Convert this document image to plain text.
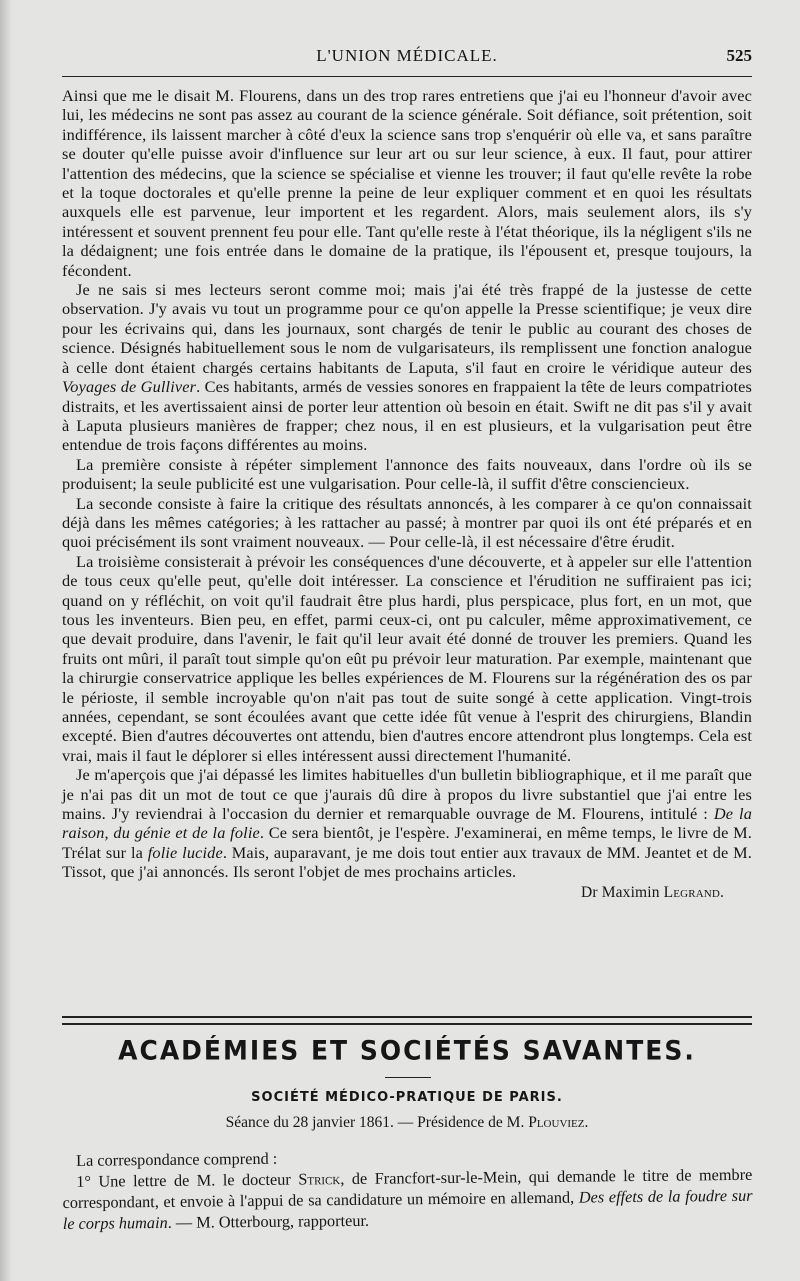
L'UNION MÉDICALE.	525

Ainsi que me le disait M. Flourens, dans un des trop rares entretiens que j'ai eu l'honneur d'avoir avec lui, les médecins ne sont pas assez au courant de la science générale. Soit défiance, soit prétention, soit indifférence, ils laissent marcher à côté d'eux la science sans trop s'enquérir où elle va, et sans paraître se douter qu'elle puisse avoir d'influence sur leur art ou sur leur science, à eux. Il faut, pour attirer l'attention des médecins, que la science se spécialise et vienne les trouver; il faut qu'elle revête la robe et la toque doctorales et qu'elle prenne la peine de leur expliquer comment et en quoi les résultats auxquels elle est parvenue, leur importent et les regardent. Alors, mais seulement alors, ils s'y intéressent et souvent prennent feu pour elle. Tant qu'elle reste à l'état théorique, ils la négligent s'ils ne la dédaignent; une fois entrée dans le domaine de la pratique, ils l'épousent et, presque toujours, la fécondent.

Je ne sais si mes lecteurs seront comme moi; mais j'ai été très frappé de la justesse de cette observation. J'y avais vu tout un programme pour ce qu'on appelle la Presse scientifique; je veux dire pour les écrivains qui, dans les journaux, sont chargés de tenir le public au courant des choses de science. Désignés habituellement sous le nom de vulgarisateurs, ils remplissent une fonction analogue à celle dont étaient chargés certains habitants de Laputa, s'il faut en croire le véridique auteur des Voyages de Gulliver. Ces habitants, armés de vessies sonores en frappaient la tête de leurs compatriotes distraits, et les avertissaient ainsi de porter leur attention où besoin en était. Swift ne dit pas s'il y avait à Laputa plusieurs manières de frapper; chez nous, il en est plusieurs, et la vulgarisation peut être entendue de trois façons différentes au moins.

La première consiste à répéter simplement l'annonce des faits nouveaux, dans l'ordre où ils se produisent; la seule publicité est une vulgarisation. Pour celle-là, il suffit d'être consciencieux.

La seconde consiste à faire la critique des résultats annoncés, à les comparer à ce qu'on connaissait déjà dans les mêmes catégories; à les rattacher au passé; à montrer par quoi ils ont été préparés et en quoi précisément ils sont vraiment nouveaux. — Pour celle-là, il est nécessaire d'être érudit.

La troisième consisterait à prévoir les conséquences d'une découverte, et à appeler sur elle l'attention de tous ceux qu'elle peut, qu'elle doit intéresser. La conscience et l'érudition ne suffiraient pas ici; quand on y réfléchit, on voit qu'il faudrait être plus hardi, plus perspicace, plus fort, en un mot, que tous les inventeurs. Bien peu, en effet, parmi ceux-ci, ont pu calculer, même approximativement, ce que devait produire, dans l'avenir, le fait qu'il leur avait été donné de trouver les premiers. Quand les fruits ont mûri, il paraît tout simple qu'on eût pu prévoir leur maturation. Par exemple, maintenant que la chirurgie conservatrice applique les belles expériences de M. Flourens sur la régénération des os par le périoste, il semble incroyable qu'on n'ait pas tout de suite songé à cette application. Vingt-trois années, cependant, se sont écoulées avant que cette idée fût venue à l'esprit des chirurgiens, Blandin excepté. Bien d'autres découvertes ont attendu, bien d'autres encore attendront plus longtemps. Cela est vrai, mais il faut le déplorer si elles intéressent aussi directement l'humanité.

Je m'aperçois que j'ai dépassé les limites habituelles d'un bulletin bibliographique, et il me paraît que je n'ai pas dit un mot de tout ce que j'aurais dû dire à propos du livre substantiel que j'ai entre les mains. J'y reviendrai à l'occasion du dernier et remarquable ouvrage de M. Flourens, intitulé : De la raison, du génie et de la folie. Ce sera bientôt, je l'espère. J'examinerai, en même temps, le livre de M. Trélat sur la folie lucide. Mais, auparavant, je me dois tout entier aux travaux de MM. Jeantet et de M. Tissot, que j'ai annoncés. Ils seront l'objet de mes prochains articles.

Dr Maximin Legrand.

ACADÉMIES ET SOCIÉTÉS SAVANTES.
SOCIÉTÉ MÉDICO-PRATIQUE DE PARIS.
Séance du 28 janvier 1861. — Présidence de M. Plouviez.

La correspondance comprend :

1° Une lettre de M. le docteur Strick, de Francfort-sur-le-Mein, qui demande le titre de membre correspondant, et envoie à l'appui de sa candidature un mémoire en allemand, Des effets de la foudre sur le corps humain. — M. Otterbourg, rapporteur.
